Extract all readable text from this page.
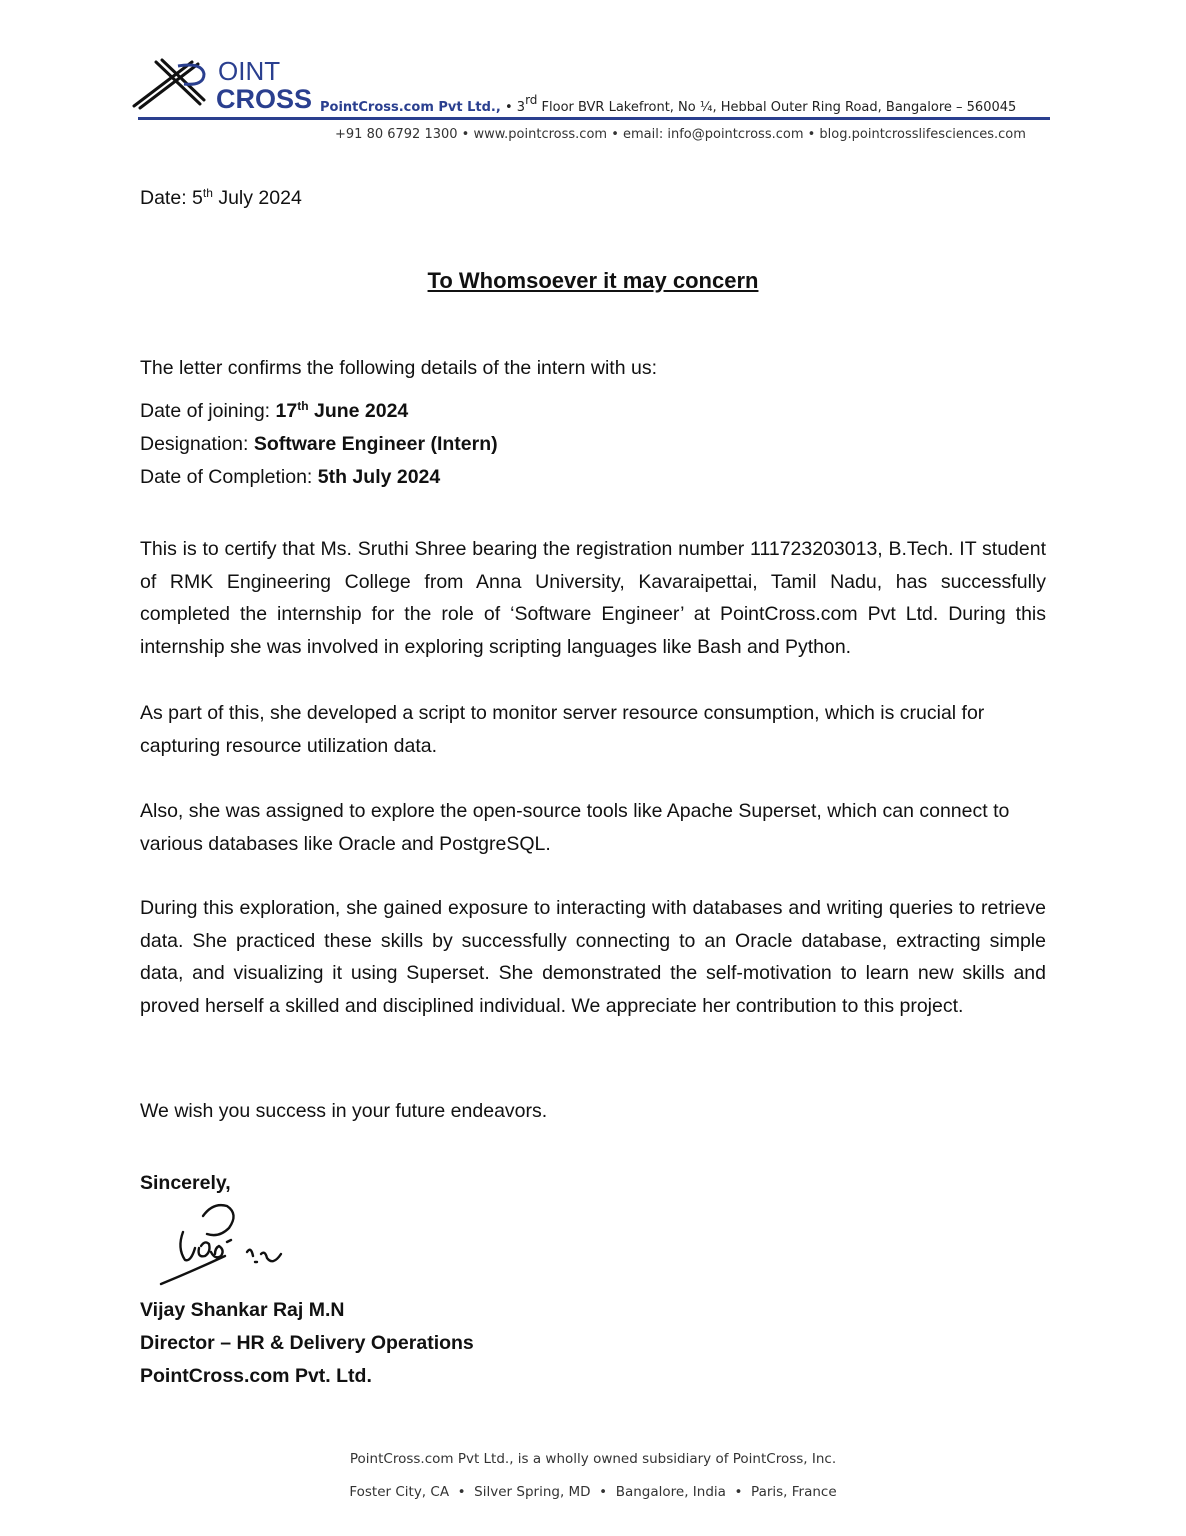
OINT
CROSS PointCross.com Pvt Ltd., • 3rd Floor BVR Lakefront, No ¼, Hebbal Outer Ring Road, Bangalore – 560045
+91 80 6792 1300 • www.pointcross.com • email: info@pointcross.com • blog.pointcrosslifesciences.com
Date: 5th July 2024
To Whomsoever it may concern
The letter confirms the following details of the intern with us:
Date of joining: 17th June 2024
Designation: Software Engineer (Intern)
Date of Completion: 5th July 2024
This is to certify that Ms. Sruthi Shree bearing the registration number 111723203013, B.Tech. IT student of RMK Engineering College from Anna University, Kavaraipettai, Tamil Nadu, has successfully completed the internship for the role of ‘Software Engineer’ at PointCross.com Pvt Ltd. During this internship she was involved in exploring scripting languages like Bash and Python.
As part of this, she developed a script to monitor server resource consumption, which is crucial for capturing resource utilization data.
Also, she was assigned to explore the open-source tools like Apache Superset, which can connect to various databases like Oracle and PostgreSQL.
During this exploration, she gained exposure to interacting with databases and writing queries to retrieve data. She practiced these skills by successfully connecting to an Oracle database, extracting simple data, and visualizing it using Superset. She demonstrated the self-motivation to learn new skills and proved herself a skilled and disciplined individual. We appreciate her contribution to this project.
We wish you success in your future endeavors.
Sincerely,
Vijay Shankar Raj M.N
Director – HR & Delivery Operations
PointCross.com Pvt. Ltd.
PointCross.com Pvt Ltd., is a wholly owned subsidiary of PointCross, Inc.
Foster City, CA  •  Silver Spring, MD  •  Bangalore, India  •  Paris, France
